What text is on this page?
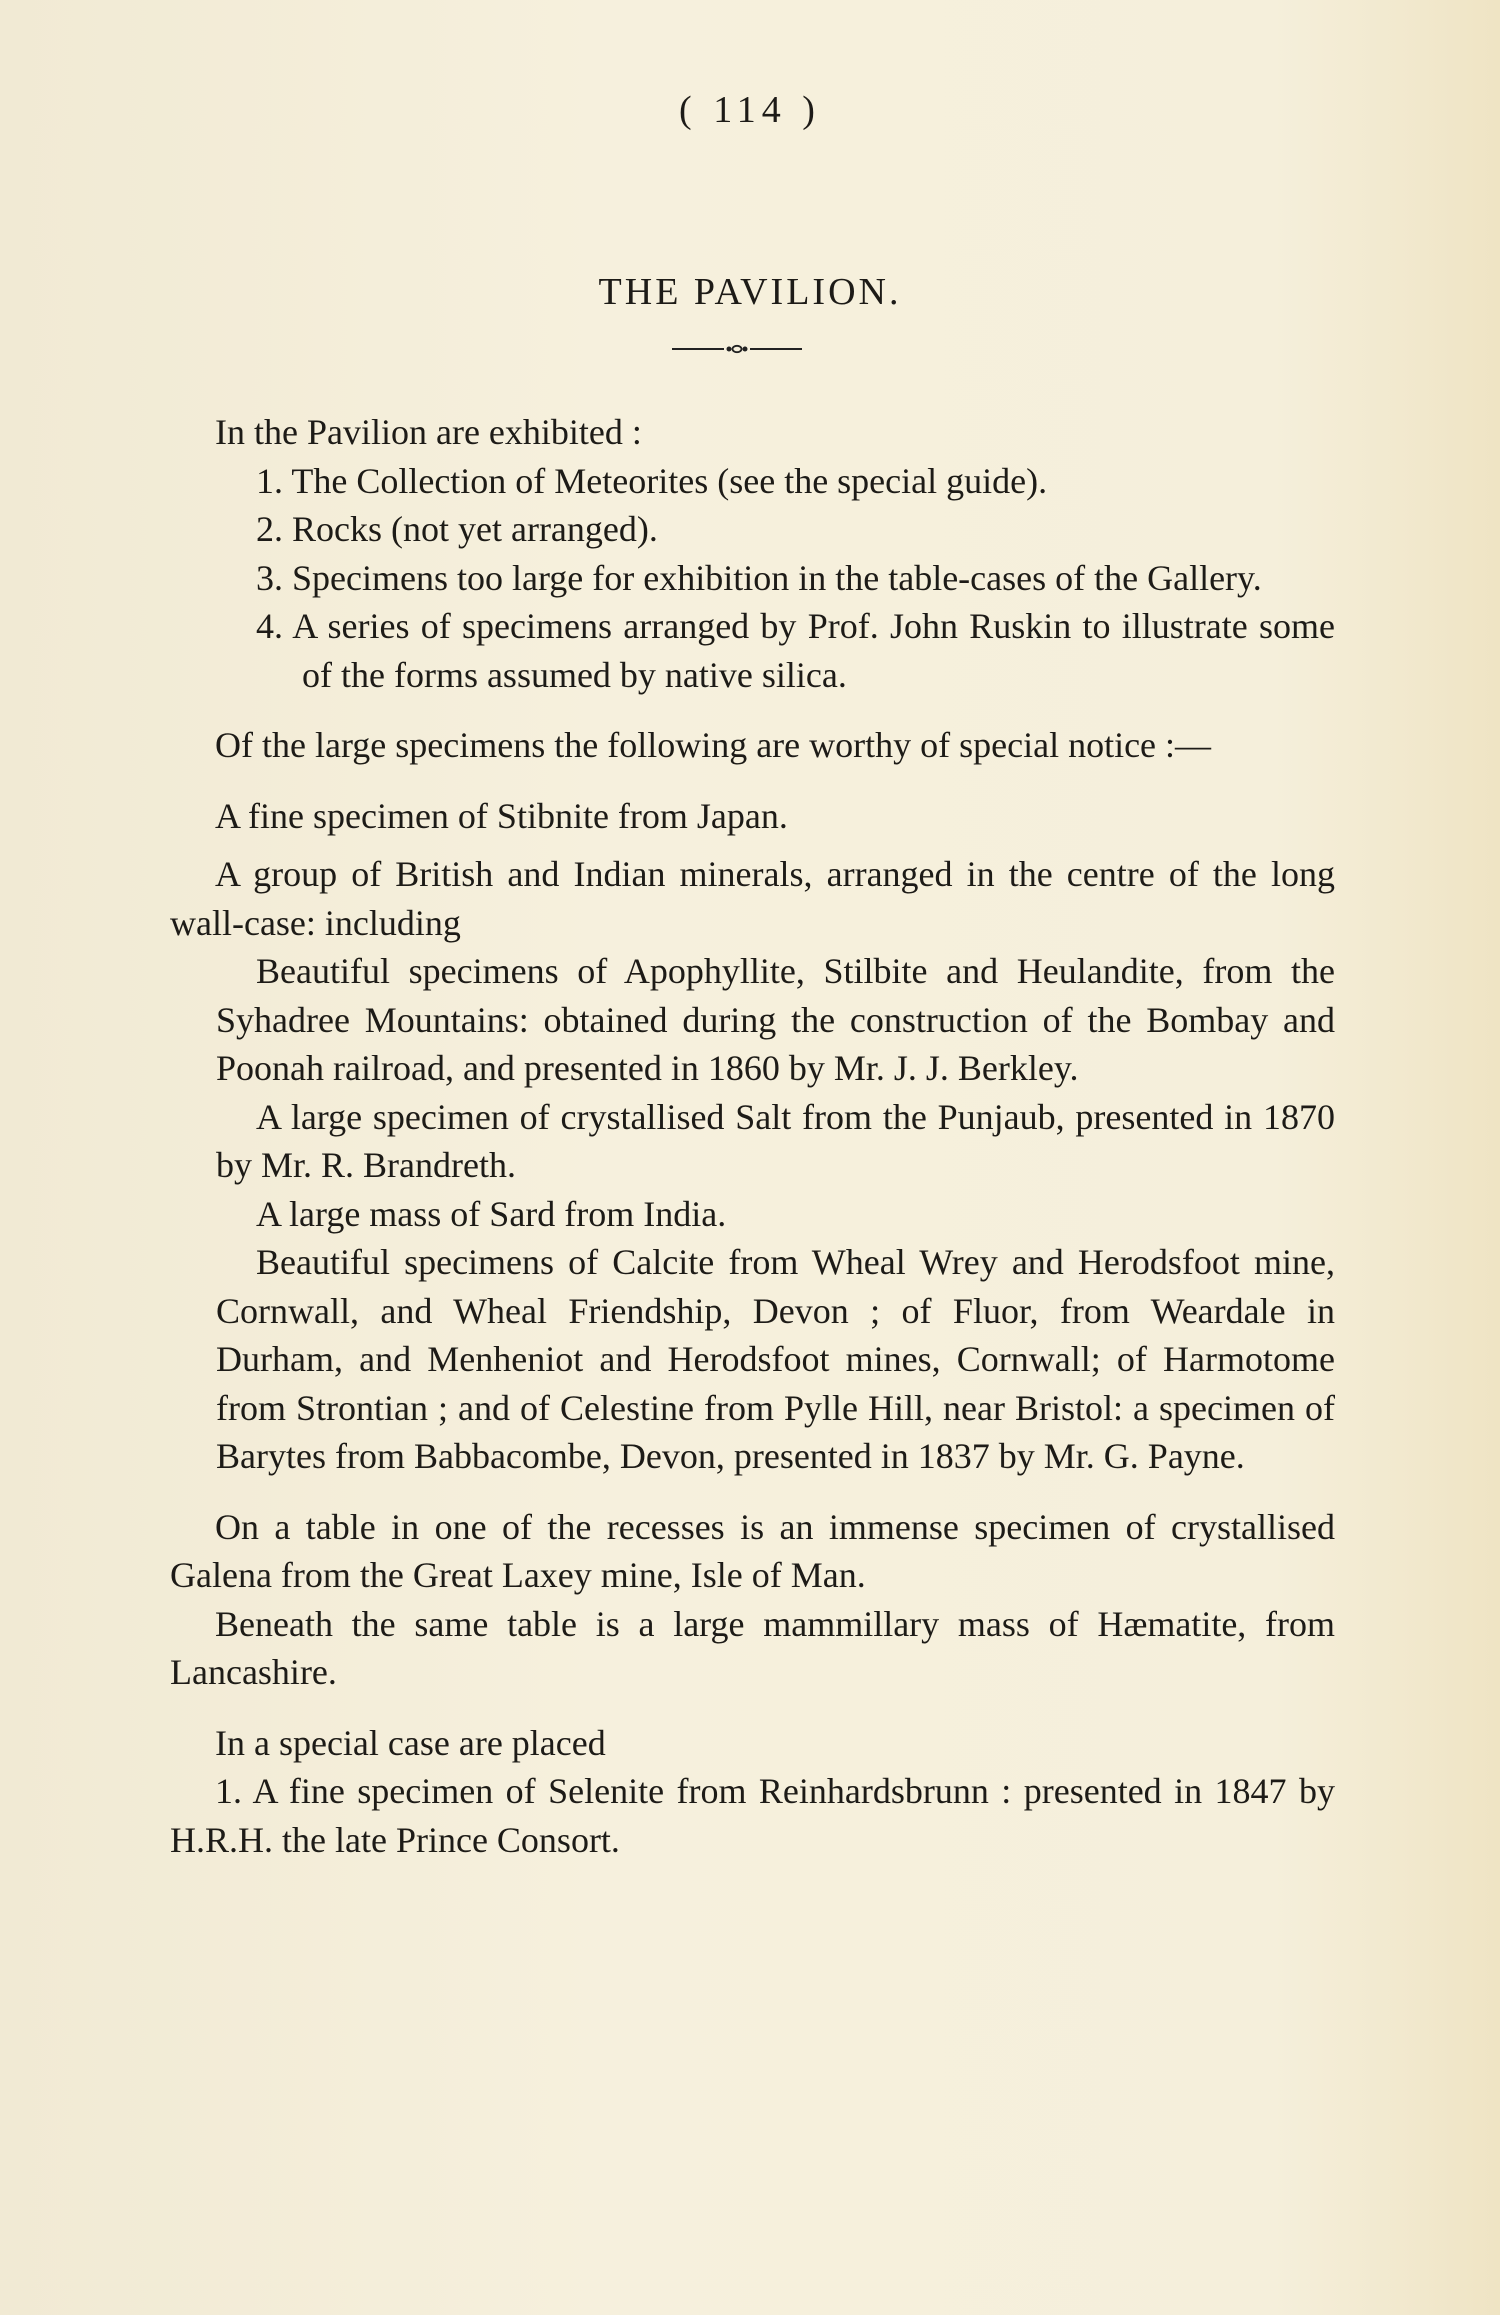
( 114 )
THE PAVILION.

In the Pavilion are exhibited :

1. The Collection of Meteorites (see the special guide).

2. Rocks (not yet arranged).

3. Specimens too large for exhibition in the table-cases of the Gallery.

4. A series of specimens arranged by Prof. John Ruskin to illustrate some of the forms assumed by native silica.

Of the large specimens the following are worthy of special notice :—

A fine specimen of Stibnite from Japan.

A group of British and Indian minerals, arranged in the centre of the long wall-case: including

Beautiful specimens of Apophyllite, Stilbite and Heulandite, from the Syhadree Mountains: obtained during the construction of the Bombay and Poonah railroad, and presented in 1860 by Mr. J. J. Berkley.

A large specimen of crystallised Salt from the Punjaub, presented in 1870 by Mr. R. Brandreth.

A large mass of Sard from India.

Beautiful specimens of Calcite from Wheal Wrey and Herodsfoot mine, Cornwall, and Wheal Friendship, Devon ; of Fluor, from Weardale in Durham, and Menheniot and Herodsfoot mines, Cornwall; of Harmotome from Strontian ; and of Celestine from Pylle Hill, near Bristol: a specimen of Barytes from Babbacombe, Devon, presented in 1837 by Mr. G. Payne.

On a table in one of the recesses is an immense specimen of crystallised Galena from the Great Laxey mine, Isle of Man.

Beneath the same table is a large mammillary mass of Hæmatite, from Lancashire.

In a special case are placed

1. A fine specimen of Selenite from Reinhardsbrunn : presented in 1847 by H.R.H. the late Prince Consort.
